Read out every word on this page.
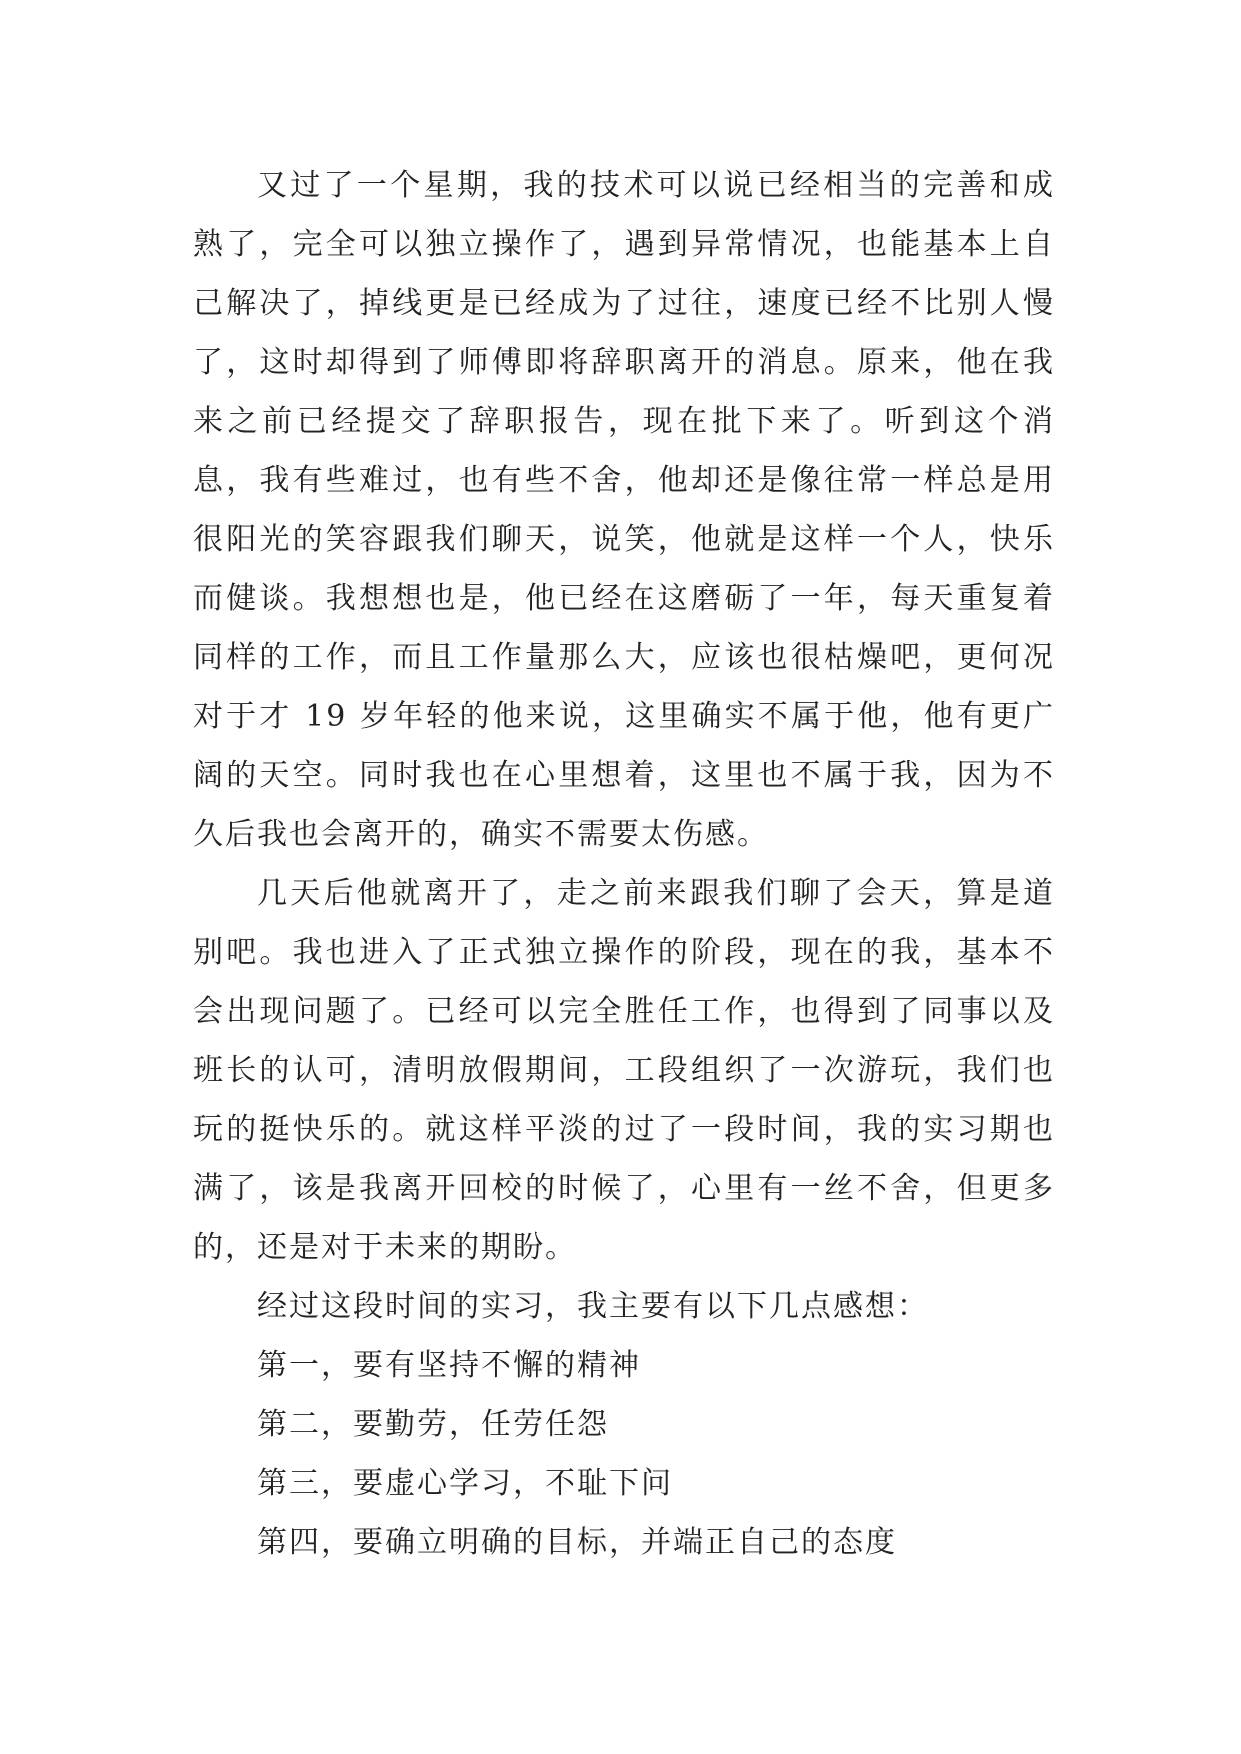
又过了一个星期，我的技术可以说已经相当的完善和成熟了，完全可以独立操作了，遇到异常情况，也能基本上自己解决了，掉线更是已经成为了过往，速度已经不比别人慢了，这时却得到了师傅即将辞职离开的消息。原来，他在我来之前已经提交了辞职报告，现在批下来了。听到这个消息，我有些难过，也有些不舍，他却还是像往常一样总是用很阳光的笑容跟我们聊天，说笑，他就是这样一个人，快乐而健谈。我想想也是，他已经在这磨砺了一年，每天重复着同样的工作，而且工作量那么大，应该也很枯燥吧，更何况对于才 19 岁年轻的他来说，这里确实不属于他，他有更广阔的天空。同时我也在心里想着，这里也不属于我，因为不久后我也会离开的，确实不需要太伤感。

几天后他就离开了，走之前来跟我们聊了会天，算是道别吧。我也进入了正式独立操作的阶段，现在的我，基本不会出现问题了。已经可以完全胜任工作，也得到了同事以及班长的认可，清明放假期间，工段组织了一次游玩，我们也玩的挺快乐的。就这样平淡的过了一段时间，我的实习期也满了，该是我离开回校的时候了，心里有一丝不舍，但更多的，还是对于未来的期盼。

经过这段时间的实习，我主要有以下几点感想：

第一，要有坚持不懈的精神

第二，要勤劳，任劳任怨

第三，要虚心学习，不耻下问

第四，要确立明确的目标，并端正自己的态度
